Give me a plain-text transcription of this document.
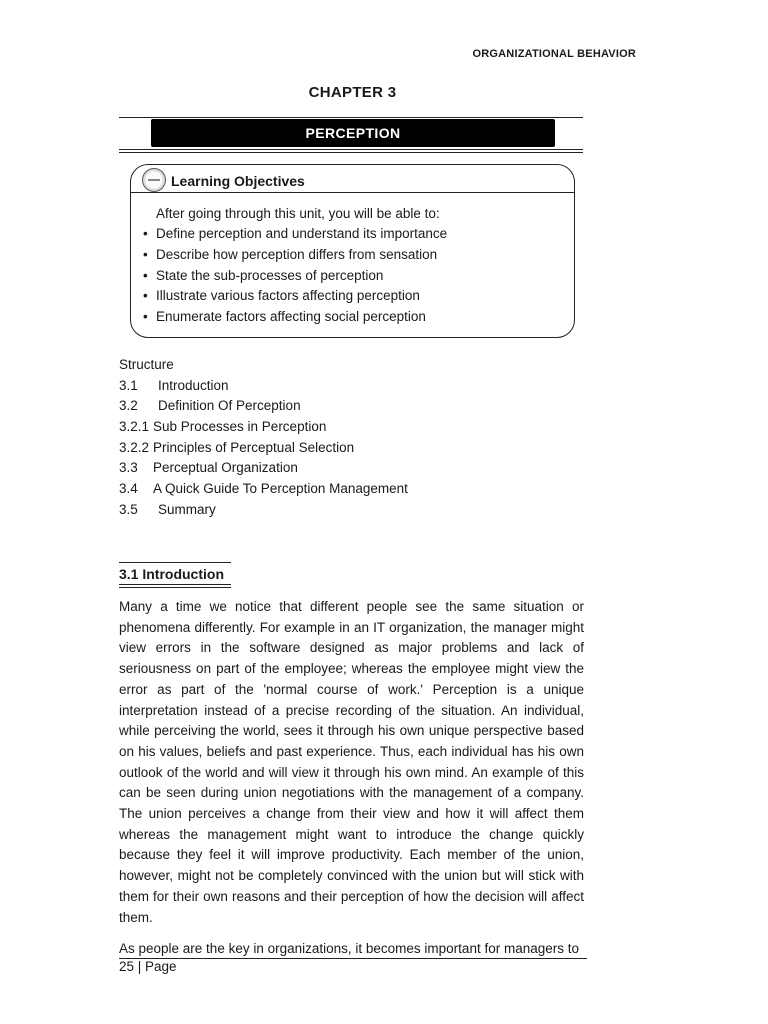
ORGANIZATIONAL BEHAVIOR
CHAPTER 3
PERCEPTION
Learning Objectives
After going through this unit, you will be able to:
• Define perception and understand its importance
• Describe how perception differs from sensation
• State the sub-processes of perception
• Illustrate various factors affecting perception
• Enumerate factors affecting social perception
Structure
3.1 Introduction
3.2 Definition Of Perception
3.2.1 Sub Processes in Perception
3.2.2 Principles of Perceptual Selection
3.3 Perceptual Organization
3.4 A Quick Guide To Perception Management
3.5 Summary
3.1 Introduction

Many a time we notice that different people see the same situation or phenomena differently. For example in an IT organization, the manager might view errors in the software designed as major problems and lack of seriousness on part of the employee; whereas the employee might view the error as part of the 'normal course of work.' Perception is a unique interpretation instead of a precise recording of the situation. An individual, while perceiving the world, sees it through his own unique perspective based on his values, beliefs and past experience. Thus, each individual has his own outlook of the world and will view it through his own mind. An example of this can be seen during union negotiations with the management of a company. The union perceives a change from their view and how it will affect them whereas the management might want to introduce the change quickly because they feel it will improve productivity. Each member of the union, however, might not be completely convinced with the union but will stick with them for their own reasons and their perception of how the decision will affect them.

As people are the key in organizations, it becomes important for managers to

25 | Page
